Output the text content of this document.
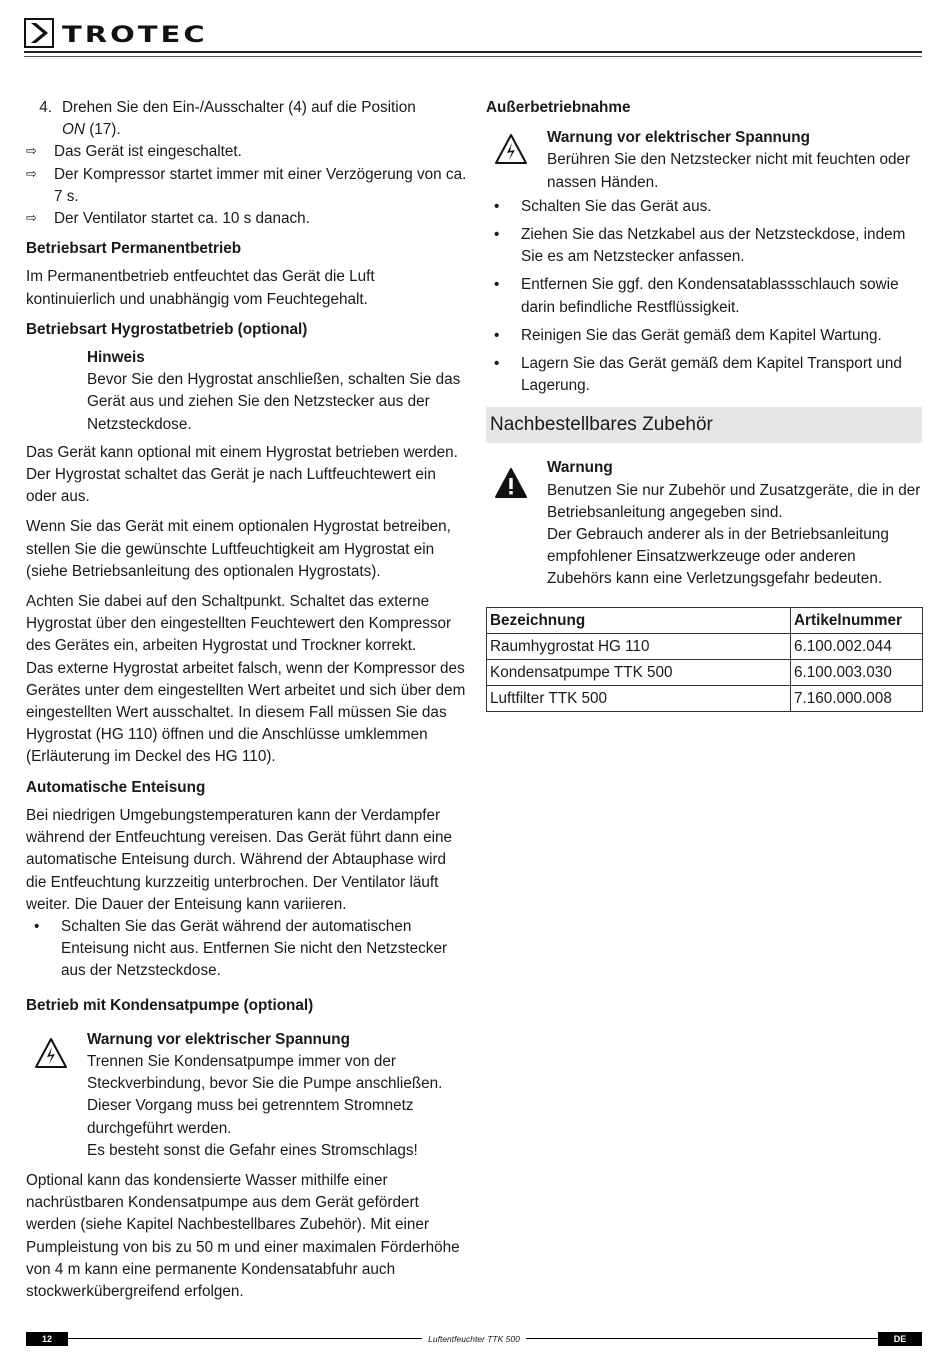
TROTEC
4. Drehen Sie den Ein-/Ausschalter (4) auf die Position
ON (17).
⇨	Das Gerät ist eingeschaltet.
⇨	Der Kompressor startet immer mit einer Verzögerung von ca. 7 s.
⇨	Der Ventilator startet ca. 10 s danach.
Betriebsart Permanentbetrieb

Im Permanentbetrieb entfeuchtet das Gerät die Luft kontinuierlich und unabhängig vom Feuchtegehalt.

Betriebsart Hygrostatbetrieb (optional)
Hinweis
Bevor Sie den Hygrostat anschließen, schalten Sie das Gerät aus und ziehen Sie den Netzstecker aus der Netzsteckdose.

Das Gerät kann optional mit einem Hygrostat betrieben werden. Der Hygrostat schaltet das Gerät je nach Luftfeuchtewert ein oder aus.

Wenn Sie das Gerät mit einem optionalen Hygrostat betreiben, stellen Sie die gewünschte Luftfeuchtigkeit am Hygrostat ein (siehe Betriebsanleitung des optionalen Hygrostats).

Achten Sie dabei auf den Schaltpunkt. Schaltet das externe Hygrostat über den eingestellten Feuchtewert den Kompressor des Gerätes ein, arbeiten Hygrostat und Trockner korrekt.

Das externe Hygrostat arbeitet falsch, wenn der Kompressor des Gerätes unter dem eingestellten Wert arbeitet und sich über dem eingestellten Wert ausschaltet. In diesem Fall müssen Sie das Hygrostat (HG 110) öffnen und die Anschlüsse umklemmen (Erläuterung im Deckel des HG 110).

Automatische Enteisung

Bei niedrigen Umgebungstemperaturen kann der Verdampfer während der Entfeuchtung vereisen. Das Gerät führt dann eine automatische Enteisung durch. Während der Abtauphase wird die Entfeuchtung kurzzeitig unterbrochen. Der Ventilator läuft weiter. Die Dauer der Enteisung kann variieren.

•	Schalten Sie das Gerät während der automatischen Enteisung nicht aus. Entfernen Sie nicht den Netzstecker aus der Netzsteckdose.
Betrieb mit Kondensatpumpe (optional)
Warnung vor elektrischer Spannung
Trennen Sie Kondensatpumpe immer von der Steckverbindung, bevor Sie die Pumpe anschließen.
Dieser Vorgang muss bei getrenntem Stromnetz durchgeführt werden.
Es besteht sonst die Gefahr eines Stromschlags!

Optional kann das kondensierte Wasser mithilfe einer nachrüstbaren Kondensatpumpe aus dem Gerät gefördert werden (siehe Kapitel Nachbestellbares Zubehör). Mit einer Pumpleistung von bis zu 50 m und einer maximalen Förderhöhe von 4 m kann eine permanente Kondensatabfuhr auch stockwerkübergreifend erfolgen.

Außerbetriebnahme
Warnung vor elektrischer Spannung
Berühren Sie den Netzstecker nicht mit feuchten oder nassen Händen.
•	Schalten Sie das Gerät aus.
•	Ziehen Sie das Netzkabel aus der Netzsteckdose, indem Sie es am Netzstecker anfassen.
•	Entfernen Sie ggf. den Kondensatablassschlauch sowie darin befindliche Restflüssigkeit.
•	Reinigen Sie das Gerät gemäß dem Kapitel Wartung.
•	Lagern Sie das Gerät gemäß dem Kapitel Transport und Lagerung.
Nachbestellbares Zubehör
Warnung
Benutzen Sie nur Zubehör und Zusatzgeräte, die in der Betriebsanleitung angegeben sind.
Der Gebrauch anderer als in der Betriebsanleitung empfohlener Einsatzwerkzeuge oder anderen Zubehörs kann eine Verletzungsgefahr bedeuten.
Bezeichnung	Artikelnummer
Raumhygrostat HG 110	6.100.002.044
Kondensatpumpe TTK 500	6.100.003.030
Luftfilter TTK 500	7.160.000.008
Luftentfeuchter TTK 500
12	DE
